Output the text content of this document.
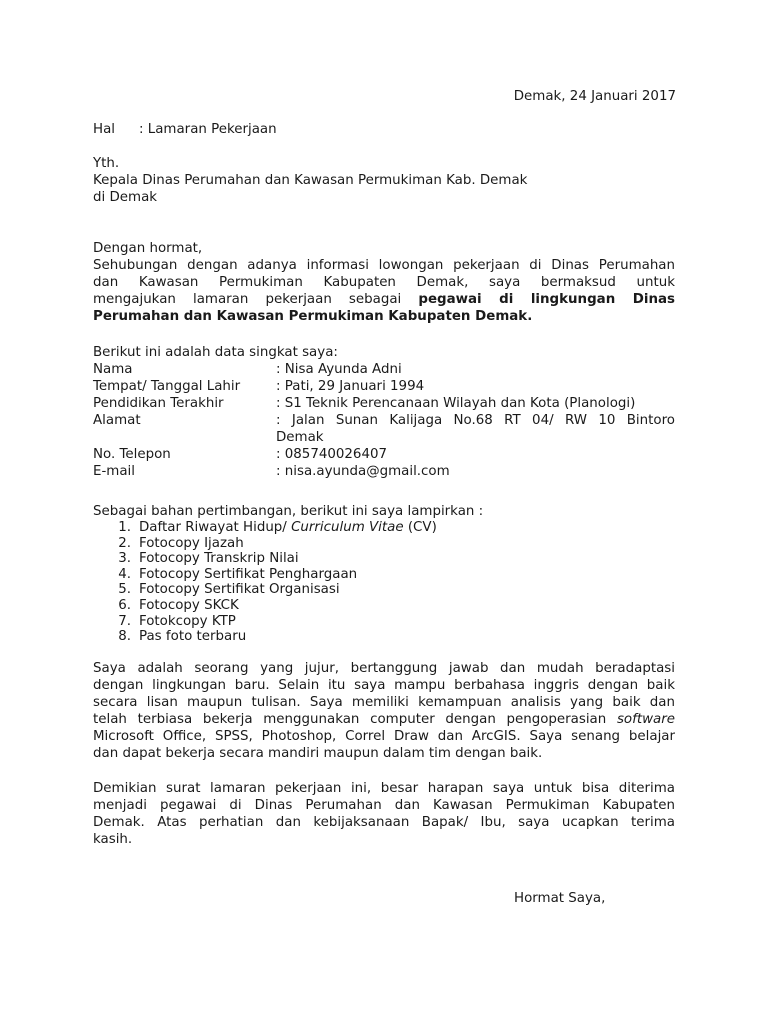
Demak, 24 Januari 2017
Hal	: Lamaran Pekerjaan
Yth.
Kepala Dinas Perumahan dan Kawasan Permukiman Kab. Demak
di Demak
Dengan hormat,
Sehubungan dengan adanya informasi lowongan pekerjaan di Dinas Perumahan
dan Kawasan Permukiman Kabupaten Demak, saya bermaksud untuk
mengajukan lamaran pekerjaan sebagai pegawai di lingkungan Dinas
Perumahan dan Kawasan Permukiman Kabupaten Demak.
Berikut ini adalah data singkat saya:
Nama	: Nisa Ayunda Adni
Tempat/ Tanggal Lahir	: Pati, 29 Januari 1994
Pendidikan Terakhir	: S1 Teknik Perencanaan Wilayah dan Kota (Planologi)
Alamat	: Jalan Sunan Kalijaga No.68 RT 04/ RW 10 Bintoro
Demak
No. Telepon	: 085740026407
E-mail	: nisa.ayunda@gmail.com
Sebagai bahan pertimbangan, berikut ini saya lampirkan :
1. Daftar Riwayat Hidup/ Curriculum Vitae (CV)
2. Fotocopy Ijazah
3. Fotocopy Transkrip Nilai
4. Fotocopy Sertifikat Penghargaan
5. Fotocopy Sertifikat Organisasi
6. Fotocopy SKCK
7. Fotokcopy KTP
8. Pas foto terbaru
Saya adalah seorang yang jujur, bertanggung jawab dan mudah beradaptasi
dengan lingkungan baru. Selain itu saya mampu berbahasa inggris dengan baik
secara lisan maupun tulisan. Saya memiliki kemampuan analisis yang baik dan
telah terbiasa bekerja menggunakan computer dengan pengoperasian software
Microsoft Office, SPSS, Photoshop, Correl Draw dan ArcGIS. Saya senang belajar
dan dapat bekerja secara mandiri maupun dalam tim dengan baik.
Demikian surat lamaran pekerjaan ini, besar harapan saya untuk bisa diterima
menjadi pegawai di Dinas Perumahan dan Kawasan Permukiman Kabupaten
Demak. Atas perhatian dan kebijaksanaan Bapak/ Ibu, saya ucapkan terima
kasih.
Hormat Saya,
